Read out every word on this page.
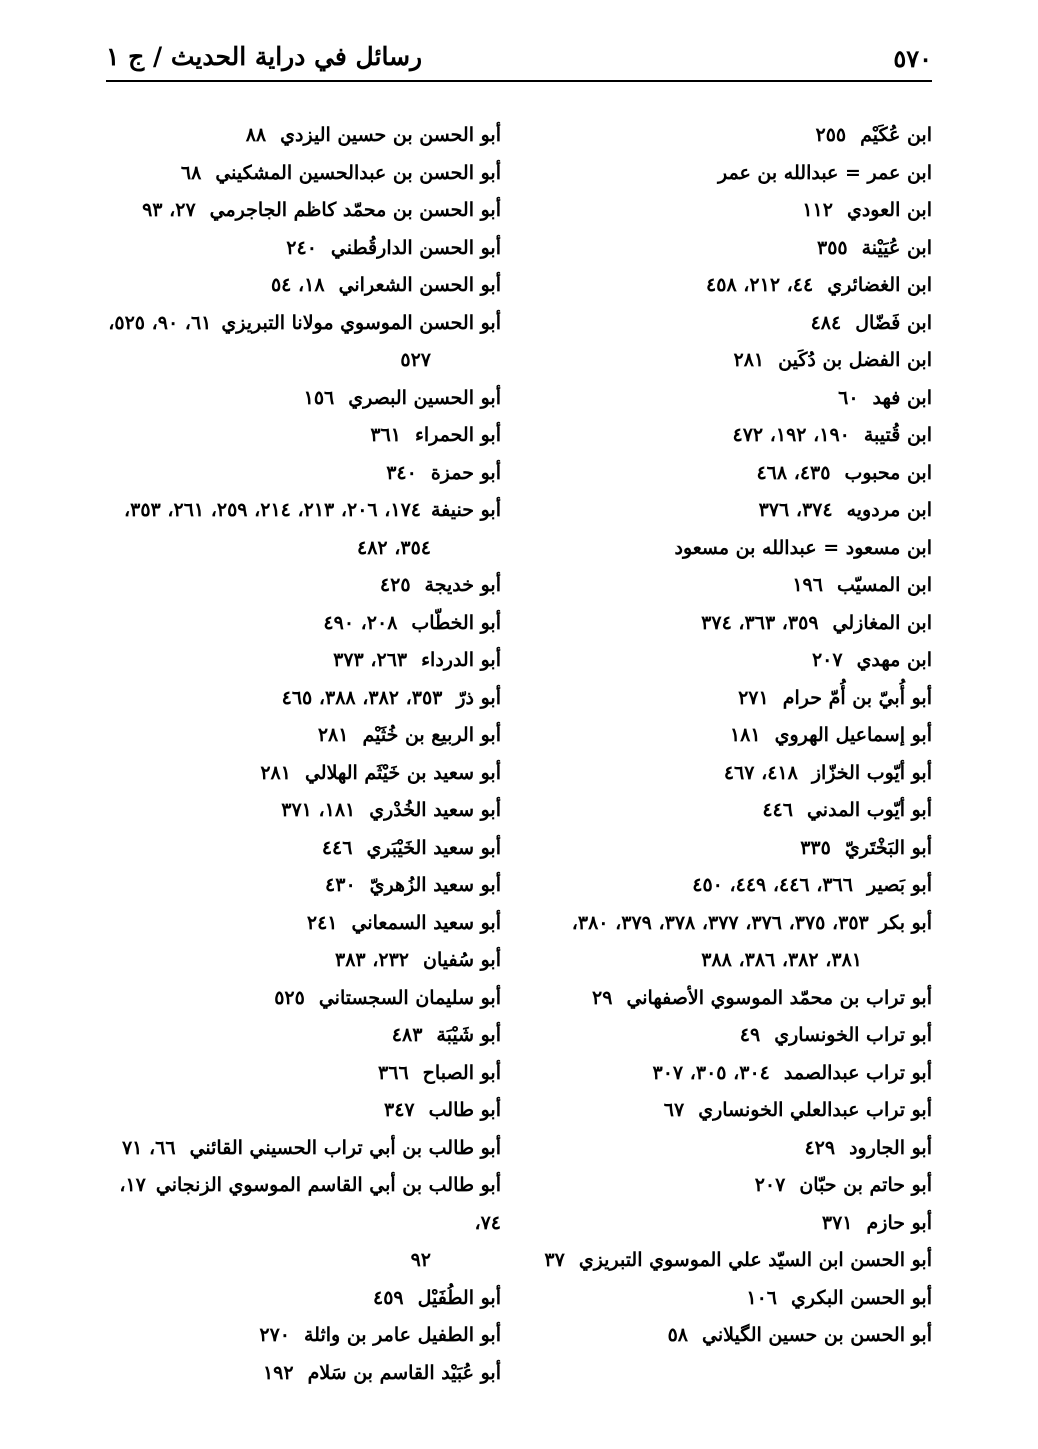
٥٧٠
رسائل في دراية الحديث / ج ١
ابن عُكَيْم٢٥٥
ابن عمر = عبدالله بن عمر
ابن العودي١١٢
ابن عُيَيْنة٣٥٥
ابن الغضائري٤٤، ٢١٢، ٤٥٨
ابن فَضّال٤٨٤
ابن الفضل بن دُكَين٢٨١
ابن فهد٦٠
ابن قُتيبة١٩٠، ١٩٢، ٤٧٢
ابن محبوب٤٣٥، ٤٦٨
ابن مردويه٣٧٤، ٣٧٦
ابن مسعود = عبدالله بن مسعود
ابن المسيّب١٩٦
ابن المغازلي٣٥٩، ٣٦٣، ٣٧٤
ابن مهدي٢٠٧
أبو أُبيّ بن أُمّ حرام٢٧١
أبو إسماعيل الهروي١٨١
أبو أيّوب الخزّاز٤١٨، ٤٦٧
أبو أيّوب المدني٤٤٦
أبو البَخْتَريّ٣٣٥
أبو بَصير٣٦٦، ٤٤٦، ٤٤٩، ٤٥٠
أبو بكر٣٥٣، ٣٧٥، ٣٧٦، ٣٧٧، ٣٧٨، ٣٧٩، ٣٨٠،
٣٨١، ٣٨٢، ٣٨٦، ٣٨٨
أبو تراب بن محمّد الموسوي الأصفهاني٢٩
أبو تراب الخونساري٤٩
أبو تراب عبدالصمد٣٠٤، ٣٠٥، ٣٠٧
أبو تراب عبدالعلي الخونساري٦٧
أبو الجارود٤٢٩
أبو حاتم بن حبّان٢٠٧
أبو حازم٣٧١
أبو الحسن ابن السيّد علي الموسوي التبريزي٣٧
أبو الحسن البكري١٠٦
أبو الحسن بن حسين الگيلاني٥٨
أبو الحسن بن حسين اليزدي٨٨
أبو الحسن بن عبدالحسين المشكيني٦٨
أبو الحسن بن محمّد كاظم الجاجرمي٢٧، ٩٣
أبو الحسن الدارقُطني٢٤٠
أبو الحسن الشعراني١٨، ٥٤
أبو الحسن الموسوي مولانا التبريزي٦١، ٩٠، ٥٢٥،
٥٢٧
أبو الحسين البصري١٥٦
أبو الحمراء٣٦١
أبو حمزة٣٤٠
أبو حنيفة١٧٤، ٢٠٦، ٢١٣، ٢١٤، ٢٥٩، ٢٦١، ٣٥٣،
٣٥٤، ٤٨٢
أبو خديجة٤٢٥
أبو الخطّاب٢٠٨، ٤٩٠
أبو الدرداء٢٦٣، ٣٧٣
أبو ذرّ٣٥٣، ٣٨٢، ٣٨٨، ٤٦٥
أبو الربيع بن خُثَيْم٢٨١
أبو سعيد بن خَيْثَم الهلالي٢٨١
أبو سعيد الخُدْري١٨١، ٣٧١
أبو سعيد الخَيْبَري٤٤٦
أبو سعيد الزُهريّ٤٣٠
أبو سعيد السمعاني٢٤١
أبو سُفيان٢٣٢، ٣٨٣
أبو سليمان السجستاني٥٢٥
أبو شَيْبَة٤٨٣
أبو الصباح٣٦٦
أبو طالب٣٤٧
أبو طالب بن أبي تراب الحسيني القائني٦٦، ٧١
أبو طالب بن أبي القاسم الموسوي الزنجاني١٧، ٧٤،
٩٢
أبو الطُفَيْل٤٥٩
أبو الطفيل عامر بن واثلة٢٧٠
أبو عُبَيْد القاسم بن سَلام١٩٢
